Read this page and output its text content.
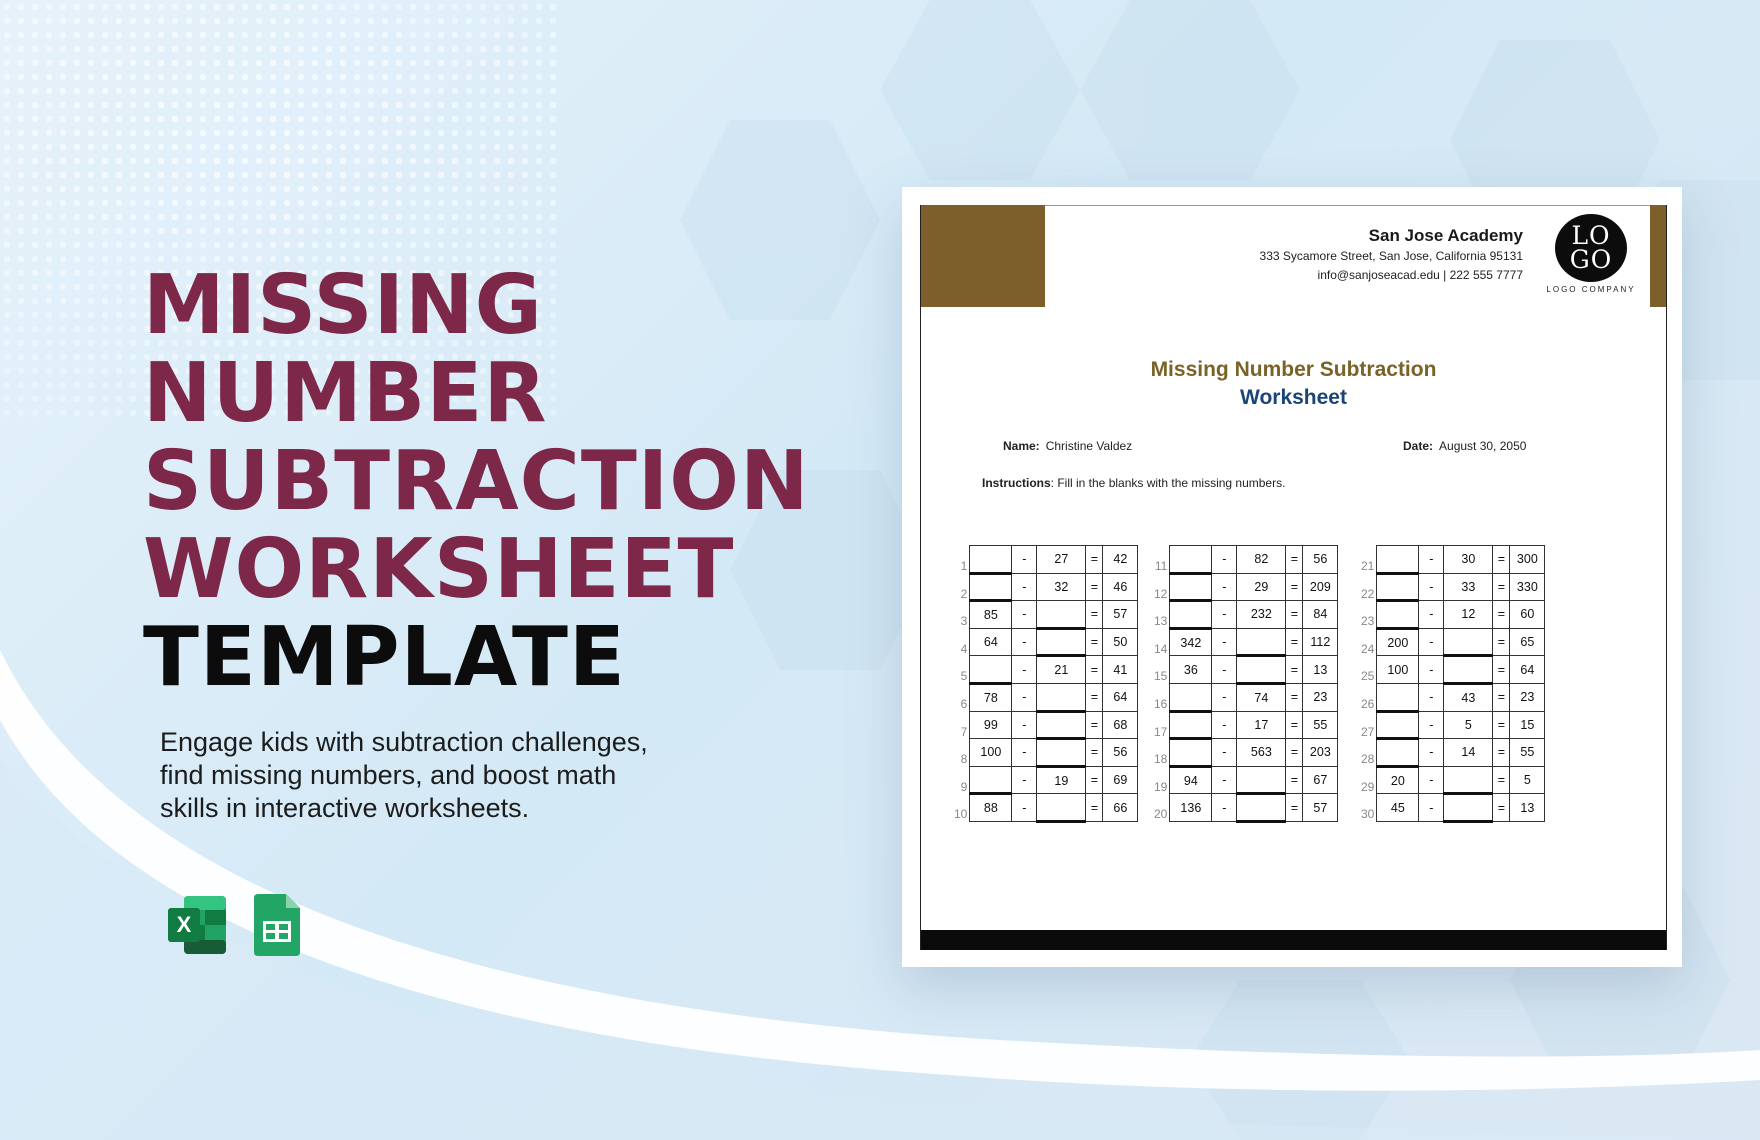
MISSING
NUMBER
SUBTRACTION
WORKSHEET
TEMPLATE
Engage kids with subtraction challenges,
find missing numbers, and boost math
skills in interactive worksheets.
X
San Jose Academy
333 Sycamore Street, San Jose, California 95131
info@sanjoseacad.edu | 222 555 7777
LO
GO
LOGO COMPANY
Missing Number Subtraction
Worksheet
Name: Christine Valdez	Date: August 30, 2050
Instructions: Fill in the blanks with the missing numbers.
1		-	27	=	42
2		-	32	=	46
3	85	-		=	57
4	64	-		=	50
5		-	21	=	41
6	78	-		=	64
7	99	-		=	68
8	100	-		=	56
9		-	19	=	69
10	88	-		=	66
11		-	82	=	56
12		-	29	=	209
13		-	232	=	84
14	342	-		=	112
15	36	-		=	13
16		-	74	=	23
17		-	17	=	55
18		-	563	=	203
19	94	-		=	67
20	136	-		=	57
21		-	30	=	300
22		-	33	=	330
23		-	12	=	60
24	200	-		=	65
25	100	-		=	64
26		-	43	=	23
27		-	5	=	15
28		-	14	=	55
29	20	-		=	5
30	45	-		=	13
